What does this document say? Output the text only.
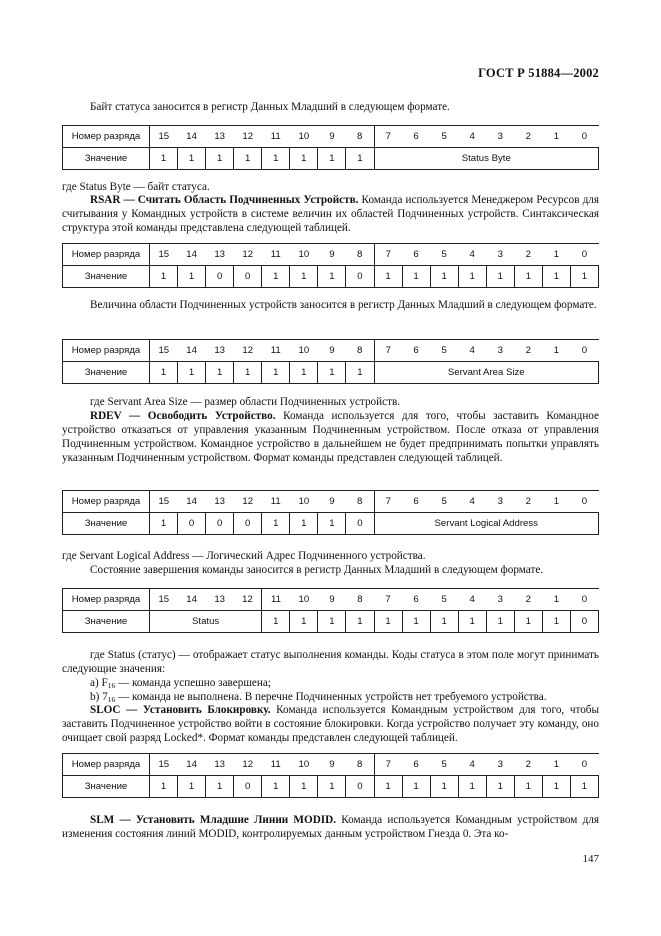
ГОСТ Р 51884—2002
Байт статуса заносится в регистр Данных Младший в следующем формате.
Номер разряда	15	14	13	12	11	10	9	8	7	6	5	4	3	2	1	0
Значение	1	1	1	1	1	1	1	1	Status Byte							
где Status Byte — байт статуса.
RSAR — Считать Область Подчиненных Устройств. Команда используется Менеджером Ресурсов для считывания у Командных устройств в системе величин их областей Подчиненных устройств. Синтаксическая структура этой команды представлена следующей таблицей.
Номер разряда	15	14	13	12	11	10	9	8	7	6	5	4	3	2	1	0
Значение	1	1	0	0	1	1	1	0	1	1	1	1	1	1	1	1
Величина области Подчиненных устройств заносится в регистр Данных Младший в следующем формате.
Номер разряда	15	14	13	12	11	10	9	8	7	6	5	4	3	2	1	0
Значение	1	1	1	1	1	1	1	1	Servant Area Size							
где Servant Area Size — размер области Подчиненных устройств.
RDEV — Освободить Устройство. Команда используется для того, чтобы заставить Командное устройство отказаться от управления указанным Подчиненным устройством. После отказа от управления Подчиненным устройством. Командное устройство в дальнейшем не будет предпринимать попытки управлять указанным Подчиненным устройством. Формат команды представлен следующей таблицей.
Номер разряда	15	14	13	12	11	10	9	8	7	6	5	4	3	2	1	0
Значение	1	0	0	0	1	1	1	0	Servant Logical Address							
где Servant Logical Address — Логический Адрес Подчиненного устройства.
Состояние завершения команды заносится в регистр Данных Младший в следующем формате.
Номер разряда	15	14	13	12	11	10	9	8	7	6	5	4	3	2	1	0
Значение	Status				1	1	1	1	1	1	1	1	1	1	1	0
где Status (статус) — отображает статус выполнения команды. Коды статуса в этом поле могут принимать следующие значения:
a) $F_{16}$ — команда успешно завершена;
b) $7_{16}$ — команда не выполнена. В перечне Подчиненных устройств нет требуемого устройства.
SLOC — Установить Блокировку. Команда используется Командным устройством для того, чтобы заставить Подчиненное устройство войти в состояние блокировки. Когда устройство получает эту команду, оно очищает свой разряд Locked*. Формат команды представлен следующей таблицей.
Номер разряда	15	14	13	12	11	10	9	8	7	6	5	4	3	2	1	0
Значение	1	1	1	0	1	1	1	0	1	1	1	1	1	1	1	1
SLM — Установить Младшие Линии MODID. Команда используется Командным устройством для изменения состояния линий MODID, контролируемых данным устройством Гнезда 0. Эта ко-
147
